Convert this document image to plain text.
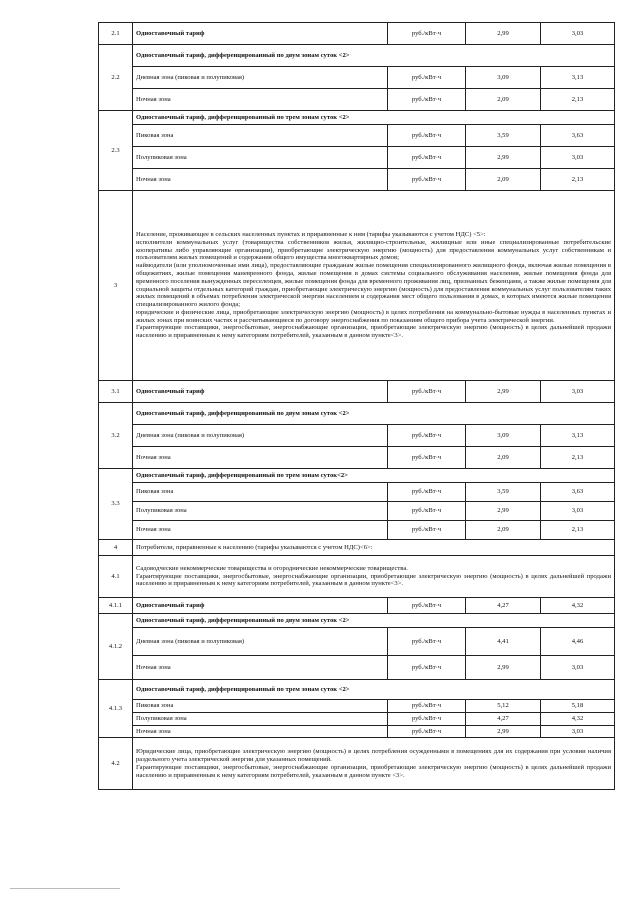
2.1	Одноставочный тариф	руб./кВт·ч	2,99	3,03
2.2	Одноставочный тариф, дифференцированный по двум зонам суток <2>			
	Дневная зона (пиковая и полупиковая)	руб./кВт·ч	3,09	3,13
	Ночная зона	руб./кВт·ч	2,09	2,13
2.3	Одноставочный тариф, дифференцированный по трем зонам суток <2>			
	Пиковая зона	руб./кВт·ч	3,59	3,63
	Полупиковая зона	руб./кВт·ч	2,99	3,03
	Ночная зона	руб./кВт·ч	2,09	2,13
3	Население, проживающее в сельских населенных пунктах и приравненные к ним (тарифы указываются с учетом НДС) <5>:
исполнители коммунальных услуг (товарищества собственников жилья, жилищно-строительные, жилищные или иные специализированные потребительские кооперативы либо управляющие организации), приобретающие электрическую энергию (мощность) для предоставления коммунальных услуг собственникам и пользователям жилых помещений и содержания общего имущества многоквартирных домов;
наймодатели (или уполномоченные ими лица), предоставляющие гражданам жилые помещения специализированного жилищного фонда, включая жилые помещения в общежитиях, жилые помещения маневренного фонда, жилые помещения в домах системы социального обслуживания населения, жилые помещения фонда для временного поселения вынужденных переселенцев, жилые помещения фонда для временного проживания лиц, признанных беженцами, а также жилые помещения для социальной защиты отдельных категорий граждан, приобретающие электрическую энергию (мощность) для предоставления коммунальных услуг пользователям таких жилых помещений в объемах потребления электрической энергии населением и содержания мест общего пользования в домах, в которых имеются жилые помещения специализированного жилого фонда;
юридические и физические лица, приобретающие электрическую энергию (мощность) в целях потребления на коммунально-бытовые нужды в населенных пунктах и жилых зонах при воинских частях и рассчитывающиеся по договору энергоснабжения по показаниям общего прибора учета электрической энергии.
Гарантирующие поставщики, энергосбытовые, энергоснабжающие организации, приобретающие электрическую энергию (мощность) в целях дальнейшей продажи населению и приравненным к нему категориям потребителей, указанным в данном пункте<3>.			

3.1	Одноставочный тариф	руб./кВт·ч	2,99	3,03
3.2	Одноставочный тариф, дифференцированный по двум зонам суток <2>			
	Дневная зона (пиковая и полупиковая)	руб./кВт·ч	3,09	3,13
	Ночная зона	руб./кВт·ч	2,09	2,13
3.3	Одноставочный тариф, дифференцированный по трем зонам суток<2>			
	Пиковая зона	руб./кВт·ч	3,59	3,63
	Полупиковая зона	руб./кВт·ч	2,99	3,03
	Ночная зона	руб./кВт·ч	2,09	2,13
4	Потребители, приравненные к населению (тарифы указываются с учетом НДС)<6>:			
4.1	Садоводческие некоммерческие товарищества и огороднические некоммерческие товарищества.
Гарантирующие поставщики, энергосбытовые, энергоснабжающие организации, приобретающие электрическую энергию (мощность) в целях дальнейшей продажи населению и приравненным к нему категориям потребителей, указанным в данном пункте<3>.			

4.1.1	Одноставочный тариф	руб./кВт·ч	4,27	4,32
4.1.2	Одноставочный тариф, дифференцированный по двум зонам суток <2>			
	Дневная зона (пиковая и полупиковая)	руб./кВт·ч	4,41	4,46
	Ночная зона	руб./кВт·ч	2,99	3,03
4.1.3	Одноставочный тариф, дифференцированный по трем зонам суток <2>			
	Пиковая зона	руб./кВт·ч	5,12	5,18
	Полупиковая зона	руб./кВт·ч	4,27	4,32
	Ночная зона	руб./кВт·ч	2,99	3,03
4.2	Юридические лица, приобретающие электрическую энергию (мощность) в целях потребления осужденными в помещениях для их содержания при условии наличия раздельного учета электрической энергии для указанных помещений.
Гарантирующие поставщики, энергосбытовые, энергоснабжающие организации, приобретающие электрическую энергию (мощность) в целях дальнейшей продажи населению и приравненным к нему категориям потребителей, указанным в данном пункте <3>.			
